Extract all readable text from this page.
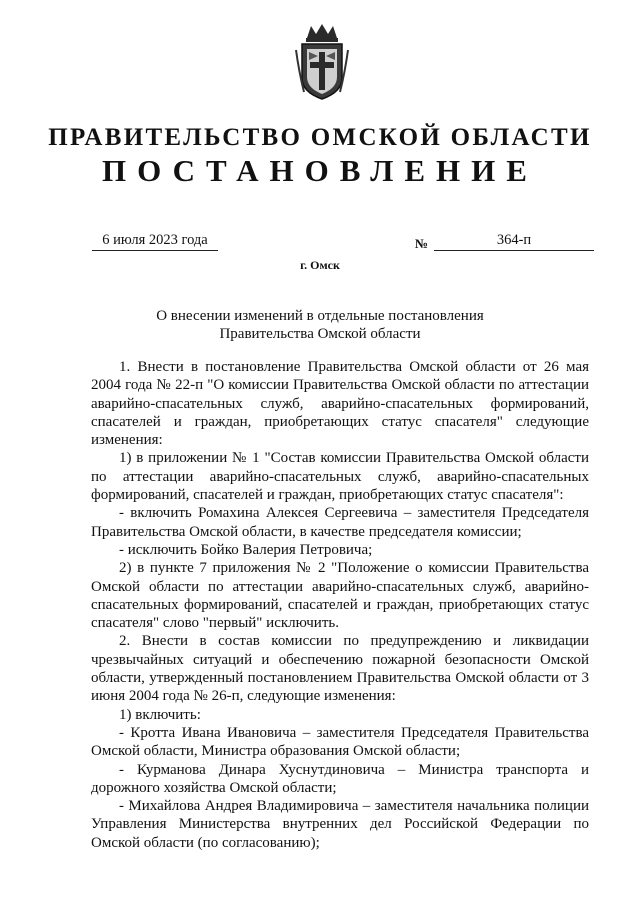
ПРАВИТЕЛЬСТВО ОМСКОЙ ОБЛАСТИ
ПОСТАНОВЛЕНИЕ
6 июля 2023 года	№	364-п
г. Омск
О внесении изменений в отдельные постановления
Правительства Омской области

1. Внести в постановление Правительства Омской области от 26 мая 2004 года № 22-п "О комиссии Правительства Омской области по аттестации аварийно-спасательных служб, аварийно-спасательных формирований, спасателей и граждан, приобретающих статус спасателя" следующие изменения:

1) в приложении № 1 "Состав комиссии Правительства Омской области по аттестации аварийно-спасательных служб, аварийно-спасательных формирований, спасателей и граждан, приобретающих статус спасателя":

- включить Ромахина Алексея Сергеевича – заместителя Председателя Правительства Омской области, в качестве председателя комиссии;

- исключить Бойко Валерия Петровича;

2) в пункте 7 приложения № 2 "Положение о комиссии Правительства Омской области по аттестации аварийно-спасательных служб, аварийно-спасательных формирований, спасателей и граждан, приобретающих статус спасателя" слово "первый" исключить.

2. Внести в состав комиссии по предупреждению и ликвидации чрезвычайных ситуаций и обеспечению пожарной безопасности Омской области, утвержденный постановлением Правительства Омской области от 3 июня 2004 года № 26-п, следующие изменения:

1) включить:

- Кротта Ивана Ивановича – заместителя Председателя Правительства Омской области, Министра образования Омской области;

- Курманова Динара Хуснутдиновича – Министра транспорта и дорожного хозяйства Омской области;

- Михайлова Андрея Владимировича – заместителя начальника полиции Управления Министерства внутренних дел Российской Федерации по Омской области (по согласованию);
